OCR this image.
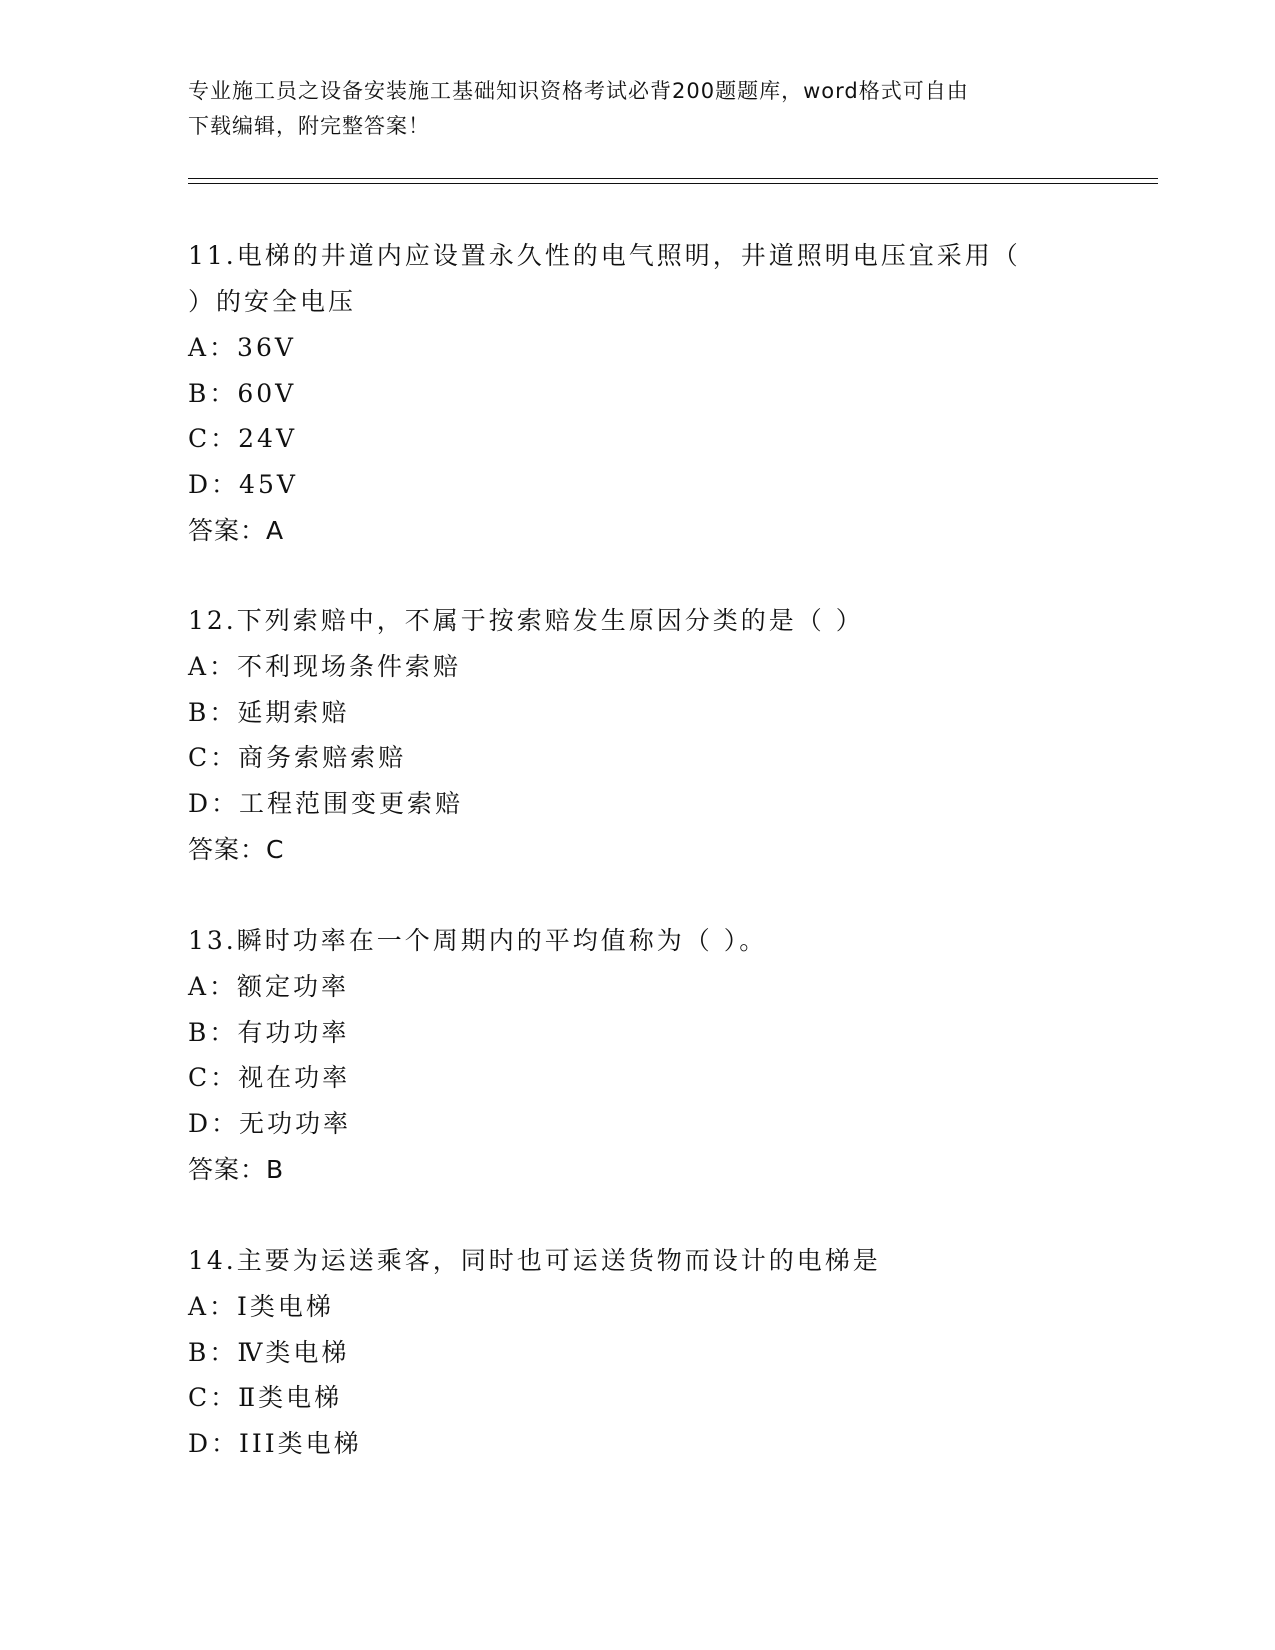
专业施工员之设备安装施工基础知识资格考试必背200题题库，word格式可自由
下载编辑，附完整答案！
11.电梯的井道内应设置永久性的电气照明，井道照明电压宜采用（
）的安全电压
A：36V
B：60V
C：24V
D：45V
答案：A
12.下列索赔中，不属于按索赔发生原因分类的是（ ）
A：不利现场条件索赔
B：延期索赔
C：商务索赔索赔
D：工程范围变更索赔
答案：C
13.瞬时功率在一个周期内的平均值称为（ ）。
A：额定功率
B：有功功率
C：视在功率
D：无功功率
答案：B
14.主要为运送乘客，同时也可运送货物而设计的电梯是
A：I类电梯
B：Ⅳ类电梯
C：Ⅱ类电梯
D：III类电梯
